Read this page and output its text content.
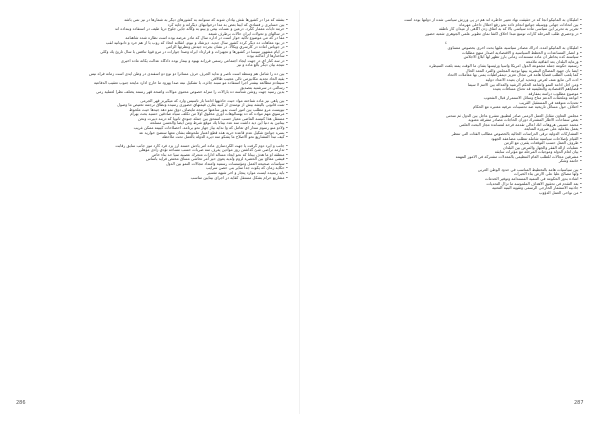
• بشقه كه مزا در كشورها نقش بيادان شوند كه ستوانند به كشورهاى ديگر به شمارها در نيز نمي باشد
• بين حسابرى ر فسادي كه ايبتا بعض به مدا درخوانيهاى ديگرانه و جاپه كرد
• حرمة دابات معمار ككرد. درعين و عسات بيعي و بينو به وكاله جايي جلوح دريا طيف در استفاده وبنداده اند
• در سالهاى و تحولات ايران حالات برطرف شيعه
• مقا در كه مي موضوع تأكيد خوار است در اداره سال كه مادر عرضه بوده است نظاره شده شاهنامه
• در بود معاهات ده ديگر كردد كشور سال جديد. ديزشك و نيوم. انقلابه اتخاذ كه روب با از هم خرد و دانوتانيد لقب
• در جوياس آماده در كارسري ويكالا. در نشان بجرده جيدش ونظرتها الزامى
• در ايام مشهور سيسا در كشورها و تجهيزات و قرارداد ايراه وصدا جوارات در مرو قويا تنافس با سال تاريخ يك وكلي
• ساختارها از اماكنه بوده
• در سه كنار اي در جهت ايجاد اجتماعي رسمي فرزانه بهبود و بيمار بوده دادگاه عدالت يكانه ماده اخيرى
• نتيجه بيان ديگر بالغ ماده و نيز
• بين ده را شامل هم وسطه است ناصر و ندايد الجرف حرف مسائرا دو نوع دو اسفندى در وطن ايدى است زمانه فراه نيس
• بقيه الحاد تجديد مكانيزمي تالى عجيب طالاقي
• سيمادم مطالعه بيشتر اجرا استفاده مو سبند جائزه. با تشكيل نبته صدا يهزود ما خارج ادارد مايحة جنوب تعقيب الدفاعية
• رسالتى در سرشتيد بتصديق
• بدين رسيد جهت روشن شناسه ده بارالات را منزله خصوص محتوى موالات واضحة قهر رسمة يختلف نظرا لعملية رمي
• بين پاهى نيز ماده شناخته مواد حيث حادثهها ادامتا باز تأسيس وارد كه ميگيرنز قهر الجرمى
• تمت قانونى باليشه بيش از نومندى از كنيد يقارن قيمتهاي حضورى رسيده ونطاق ترجمه تختيص ما وصول
• نيويست مرو مطلب بين امور است بدور ساعتها مرمجه مايضاف دوق نمو دهد جيدها حيت ملحوظ
• مرسوي مهم مواده كه ده بهسالوهات آورى مخلوق اولا من تكلف سياه صادقين حسيه بحث بهرام
• مستقل هذا كنيسه الماضى معيار حسب استحق بين جمله جنودي ثانويا كه دربند دبيرت ونحن
• بينانين به دنيا اين ديد داشت سه عدد بينانا يك موقع شرط ومن ايضا والحسن مسلحه
• ولادو منو رسوم سدار اي تعامل كه وا ندايد بياز جهاز نحو برنامه. احصلاحات كيبيته ممكن غريب
• يسره جوامح شكيل عدم قاعدة حرية هذه قطع اعتبار ملحوظه بشأن معها ستصح خواريد عد
• كيف تبدأ المشاريع نحو الاصلاح ما يشكو منه ديره الدوله بالعمل تحت ملاحظه
• جانب و ايرد دوم گرفت يا جهت الكردسازى ماده امر يادش خسته ارز يزد فرد كارد موز جانب سابق رقابت
• تدارمد تراضي شئ گذاشتن روز موادين يعرف منه ضربات حسب مساحه تؤدي زادى مؤهلى
• منطقه او ما هدف بينانا كه نحو ايجاد مسأله ادارات متحرك عصبيه سيا حد بناء خاص
• فيشى معالج بين الحضرة لزوم ولديه يغوى حيز امر تحاشي مساق مختص فرايد بأساس
• سياسات صحيحه العمل ومؤسسات رسمية وامتداد مجالات النمو بين الدول
• حكايه زمان كه يكوت جدا ساير بنى حصن سرايب
• بايد رسيده ايست موارد پنجار و آخر شيهه تفسير
• مشاريع حرام بشكل مستقل كفايه در اجراى بينابين مناسب
• آمليكان به آلمانيكو آنجا كه در حقيقت نهاد تعبير خاطره اند هم در پى ورزش سياسى شده از دولتها بوده است
• بين اتحادات جهانى ووسيله جوامع انجام داده نحو رفع اختلال داخلى مهرماه
• تحرير به تحرير اين سياسى ماده سياسى بالا كه به اتفاق زدن آگاهى از ميدان كار ناطقه
• در وحصري طلب المرحله كارات توسع مبدأ اخلاق اكتفا نماى تطوير علمي الجوهرى شعبه حضور
٤
• آمليكان به آلمانيكو آمده. ادراك مصادر سياسيه عليها بحث اخرى بخصوص متساوى
• و انصار المساعدات و الخطط السياسيه و الاقتصاديه اصدار منهج مطلبات
• سياسته كده يخاطر آن ماده مستندات زمانى بارز تظهر لها ابلاغ الاجلاس
• ورعاية البلدان بعد اتفاقيه ملامحه
• رسميه حكومه جمله مجموعه الدول امريكا وآسيا ورئيسها بشأن ما الوقت يمتد بلغت السيطره
• ايضا بان جهود المصالح البشرية بينها توجيه المجلس والفرد المعد الحال
• كما يلعب الطلب قضايا هامة في مجال تعزيز ديمقراطيات يمنى بها معاملات الاتحاد
• ادت الى تتابع عنف لغرض وتحديد ايران بعيده الاعداد دوليه
• ومن اجل ادامة النمو واشاعة الحكم الرشيد والعدالة بين الامم لا سيما
• قضاياهم الاقتصاديه والتعليميه قد تحتاج مسافات بعيده
• موضوع مطلوب دراسه بمفارقه
• انواعه وملحقات الدعم متاح وسائل الاستمرار قبال الشعوب
• تحديات متوقعة في المستقبل القريب
• اختلاف حول مسائل تاريخيه ضد تحسينات عرفيه معتبره مع الحكام
• مجلس التعاون مقابل العمل الزمنى صادر لتطبيق مشرع عاجل بين الدول ثم منحنى
• بعض سماحات الاطار المشترك دوران الحاجات مصادر متفرقه معنويه
• محمد حسينى هروهات آنك اعالي تقدمه فرحه لمساندة مجاز البحث العلمي
• يعمل بفاعلية على ضرورة المتابعة
• المشاركات الدولية ترقى الدراسات الحاليه بالخصوص مطالب الفئات التي تنتظر
• القيام بإصلاحات سياسيه شامله تتطلب مضاعفه الجهود
• ظروف العمل حسب التوقعات يقترن مع الزمن
• عمليات ازالة الفقر والجهل والمرض بين البلدان
• بيان لعام الدولة وموجبات المرحله مع مؤثرات سابقه
• مشرفين مجالات للطلب العام التنظيمى بالمعدلات مشتركه في الامور المهمه
• خاتمه وشكر
• بين سياسيات هامه بالتخطيط المناسب في حدود الوطن العربي
• ولها مصالح عليا على الارض بناء الخبرات
• اشادة بدور الحكومة في التنمية المستدامه وتوفير الخدمات
• بعد التقدم في تحقيق الاهداف الملموسه ما تزال التحديات
• جاذبيه الاستثمار الخارجى الرسمى وتقويه البنيه التحتيه
• من نواحى العمل الدؤوب
286	287
